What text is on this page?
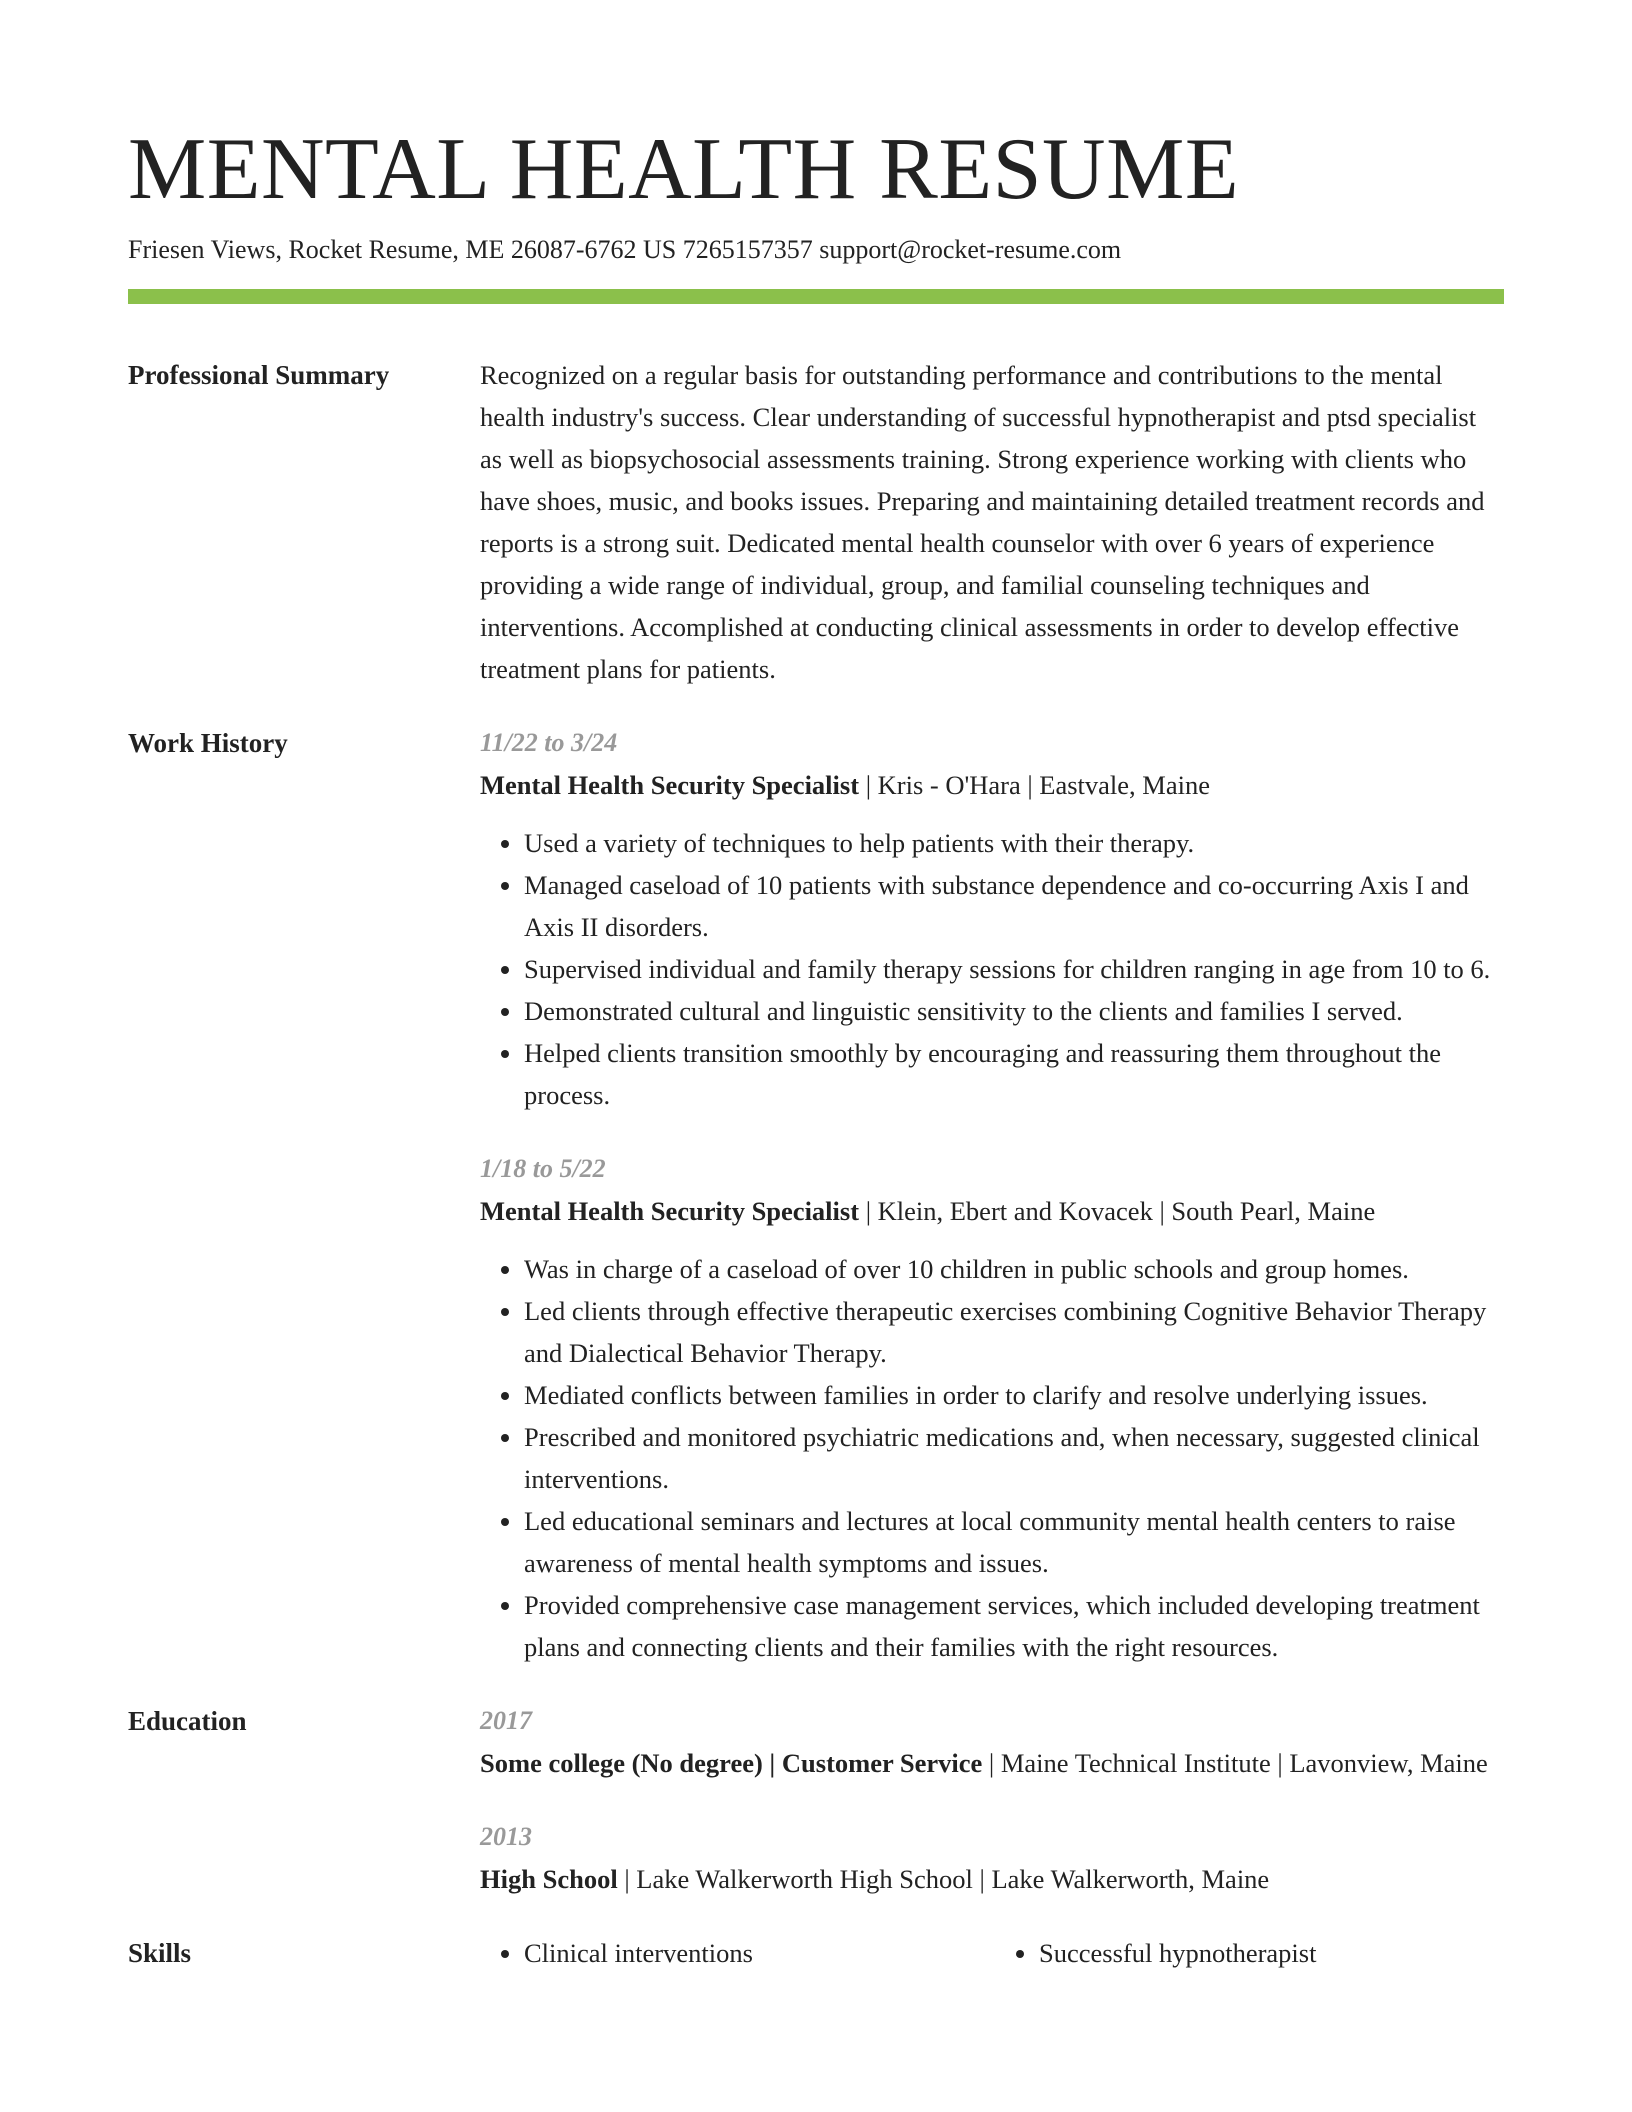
MENTAL HEALTH RESUME
Friesen Views, Rocket Resume, ME 26087-6762 US 7265157357 support@rocket-resume.com
Professional Summary	Recognized on a regular basis for outstanding performance and contributions to the mental health industry's success. Clear understanding of successful hypnotherapist and ptsd specialist as well as biopsychosocial assessments training. Strong experience working with clients who have shoes, music, and books issues. Preparing and maintaining detailed treatment records and reports is a strong suit. Dedicated mental health counselor with over 6 years of experience providing a wide range of individual, group, and familial counseling techniques and interventions. Accomplished at conducting clinical assessments in order to develop effective treatment plans for patients.

Work History	11/22 to 3/24
Mental Health Security Specialist | Kris - O'Hara | Eastvale, Maine
• Used a variety of techniques to help patients with their therapy.
• Managed caseload of 10 patients with substance dependence and co-occurring Axis I and Axis II disorders.
• Supervised individual and family therapy sessions for children ranging in age from 10 to 6.
• Demonstrated cultural and linguistic sensitivity to the clients and families I served.
• Helped clients transition smoothly by encouraging and reassuring them throughout the process.
1/18 to 5/22
Mental Health Security Specialist | Klein, Ebert and Kovacek | South Pearl, Maine
• Was in charge of a caseload of over 10 children in public schools and group homes.
• Led clients through effective therapeutic exercises combining Cognitive Behavior Therapy and Dialectical Behavior Therapy.
• Mediated conflicts between families in order to clarify and resolve underlying issues.
• Prescribed and monitored psychiatric medications and, when necessary, suggested clinical interventions.
• Led educational seminars and lectures at local community mental health centers to raise awareness of mental health symptoms and issues.
• Provided comprehensive case management services, which included developing treatment plans and connecting clients and their families with the right resources.
Education	2017
Some college (No degree) | Customer Service | Maine Technical Institute | Lavonview, Maine
2013
High School | Lake Walkerworth High School | Lake Walkerworth, Maine
Skills	• Clinical interventions	• Successful hypnotherapist
